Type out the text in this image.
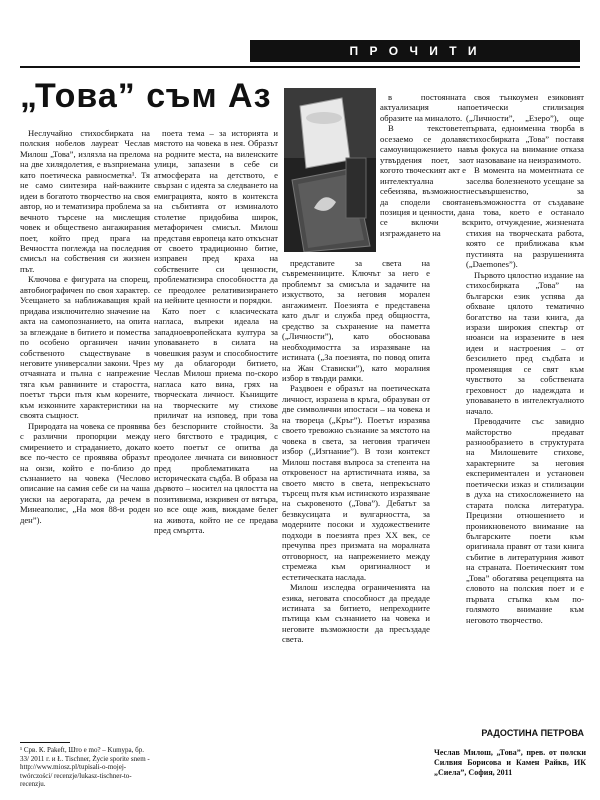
П Р О Ч И Т И
„Това” съм Аз

Неслучайно стихосбирката на полския нобелов лауреат Чеслав Милош „Това”, излязла на прелома на две хилядолетия, е възприемана като поетическа равносметка¹. Тя не само синтезира най-важните идеи в богатото творчество на своя автор, но и тематизира проблема за вечното търсене на мислещия човек и обществено ангажирания поет, който пред прага на Вечността поглежда на последния смисъл на собствения си жизнен път.

Ключова е фигурата на спорещ, автобиографичен по своя характер. Усещането за наближаващия край придава изключително значение на акта на самопознанието, на опита за вглеждане в битието и помества по особено органичен начин собственото съществуване в неговите универсални закони. Чрез отчаяната и пълна с напрежение тяга към равнините и старостта, поетът търси пътя към корените, към изконните характеристики на своята същност.

Природата на човека се проявява с различни пропорции между смирението и страданието, докато все по-често се проявява образът на онзи, който е по-близо до съзнанието на човека (Чеслово описание на самия себе си на чаша уиски на аерогарата, да речем в Минеаполис, „На моя 88-и роден ден”).

поета тема – за историята и мястото на човека в нея. Образът на родните места, на виленските улици, запазени в себе си атмосферата на детството, е свързан с идеята за следването на емиграцията, която в контекста на събитията от изминалото столетие придобива широк, метафоричен смисъл. Милош представя европеца като откъснат от своето традиционно битие, изправен пред краха на собствените си ценности, проблематизира способността да се преодолее релативизирането на нейните ценности и порядки.

Като поет с класическата нагласа, въпреки идеала на западноевропейската култура за уповаването в силата на човешкия разум и способностите му да облагороди битието, Чеслав Милош приема по-скоро нагласа като вина, грях на творческата личност. Кънищите на творческите му стихове приличат на изповед, при това без безспорните стойности. За него бягството е традиция, с което поетът се опитва да преодолее личната си виновност пред проблематиката на историческата съдба. В образа на дървото – носител на цялостта на позитивизма, изкривен от вятъра, но все още жив, виждаме белег на живота, който не се предава пред смъртта.

в постоянната актуализация на образите на миналото.

В текстовете осезаемо се долавя самоунищожението на утвърдения поет, за когото твоческият акт е интелектуална себеизява, възможност да сподели своята позиция и ценности, да се включи в изграждането на

представите за света на съвременниците. Ключът за него е проблемът за смисъла и задачите на изкуството, за неговия морален ангажимент. Поезията е представена като дълг и служба пред общността, средство за съхранение на паметта („Личности”), като обосновава необходимостта за изразяване на истината („За поезията, по повод опита на Жан Стависки”), като моралния избор в твърди рамки.

Раздвоен е образът на поетическата личност, изразена в кръга, образуван от две символични ипостаси – на човека и на твореца („Кръг”). Поетът изразява своето тревожно съзнание за мястото на човека в света, за неговия трагичен избор („Изгнание”). В този контекст Милош поставя въпроса за степента на откровеност на артистичната изява, за своето място в света, непрекъснато търсещ пътя към истинското изразяване на съкровеното („Това”). Дебатът за безвкусицата и вулгарността, за модерните посоки и художествените подходи в поезията през XX век, се пречупва през призмата на моралната отговорност, на напрежението между стремежа към оригиналност и естетическата наслада.

Милош изследва ограниченията на езика, неговата способност да предаде истината за битието, непреходните пътища към съзнанието на човека и неговите възможности да пресъздаде света.

своя тънкоумен езиковият поетически стилизация („Личности”, „Езеро”), още първата, едноименна творба в стихосбирката „Това” поставя във фокуса на внимание отказа от назоваване на неизразимото.

В момента на моментната се заселва болезненото усещане за несъвършенство, за невъзможността от създаване на това, което е останало скрито, отчуждение, жизнената стихия на творческата работа, която се приближава към пустинята на разрушенията („Daemones”).

Първото цялостно издание на стихосбирката „Това” на български език успява да обхване цялото тематично богатство на тази книга, да изрази широкия спектър от нюанси на изразените в нея идеи и настроения – от безсилието пред съдбата и променящия се свят към чувството за собствената греховност до надеждата и уповаването в интелектуалното начало.

Преводачите със завидно майсторство предават разнообразието в структурата на Милошевите стихове, характерните за неговия експериментален и установен поетически изказ и стилизации в духа на стихосложението на старата полска литература. Прецизни отношението и проникновеното внимание на българските поети към оригинала правят от тази книга събитие в литературния живот на страната. Поетическият том „Това” обогатява рецепцията на словото на полския поет и е първата стъпка към по-голямото внимание към неговото творчество.

¹ Срв. К. Pakeft, Што е mo? – Kumypa, бр. 33/ 2011 г. и Ł. Tischner, Życie sporite snem - http://www.miosz.pl/tupisali-o-mojej-twórczości/ recenzje/lukasz-tischner-to-recenzju.

РАДОСТИНА ПЕТРОВА
Чеслав Милош, „Това”, прев. от полски Силвия Борисова и Камен Райкв, ИК „Сиела”, София, 2011
